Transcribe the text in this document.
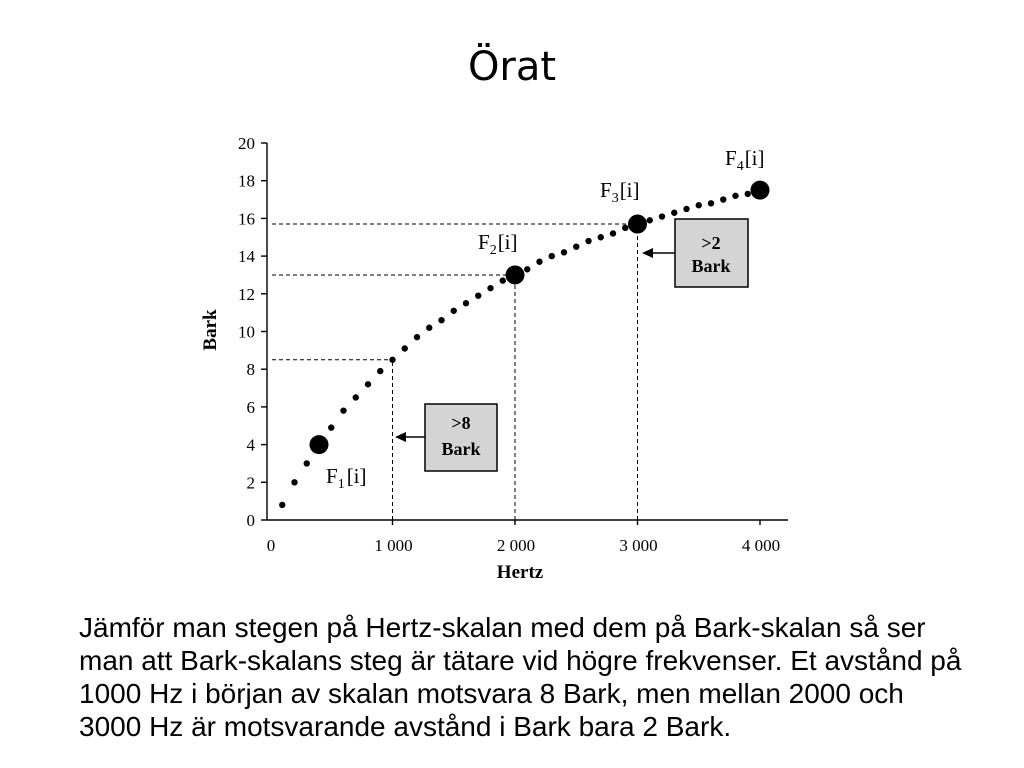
Örat
0
2
4
6
8
10
12
14
16
18
20
0	1 000	2 000	3 000	4 000
Hertz
Bark
$F_1[i]$
$F_2[i]$
$F_3[i]$
$F_4[i]$
>8
Bark
>2
Bark
Jämför man stegen på Hertz-skalan med dem på Bark-skalan så ser
man att Bark-skalans steg är tätare vid högre frekvenser. Et avstånd på
1000 Hz i början av skalan motsvara 8 Bark, men mellan 2000 och
3000 Hz är motsvarande avstånd i Bark bara 2 Bark.
